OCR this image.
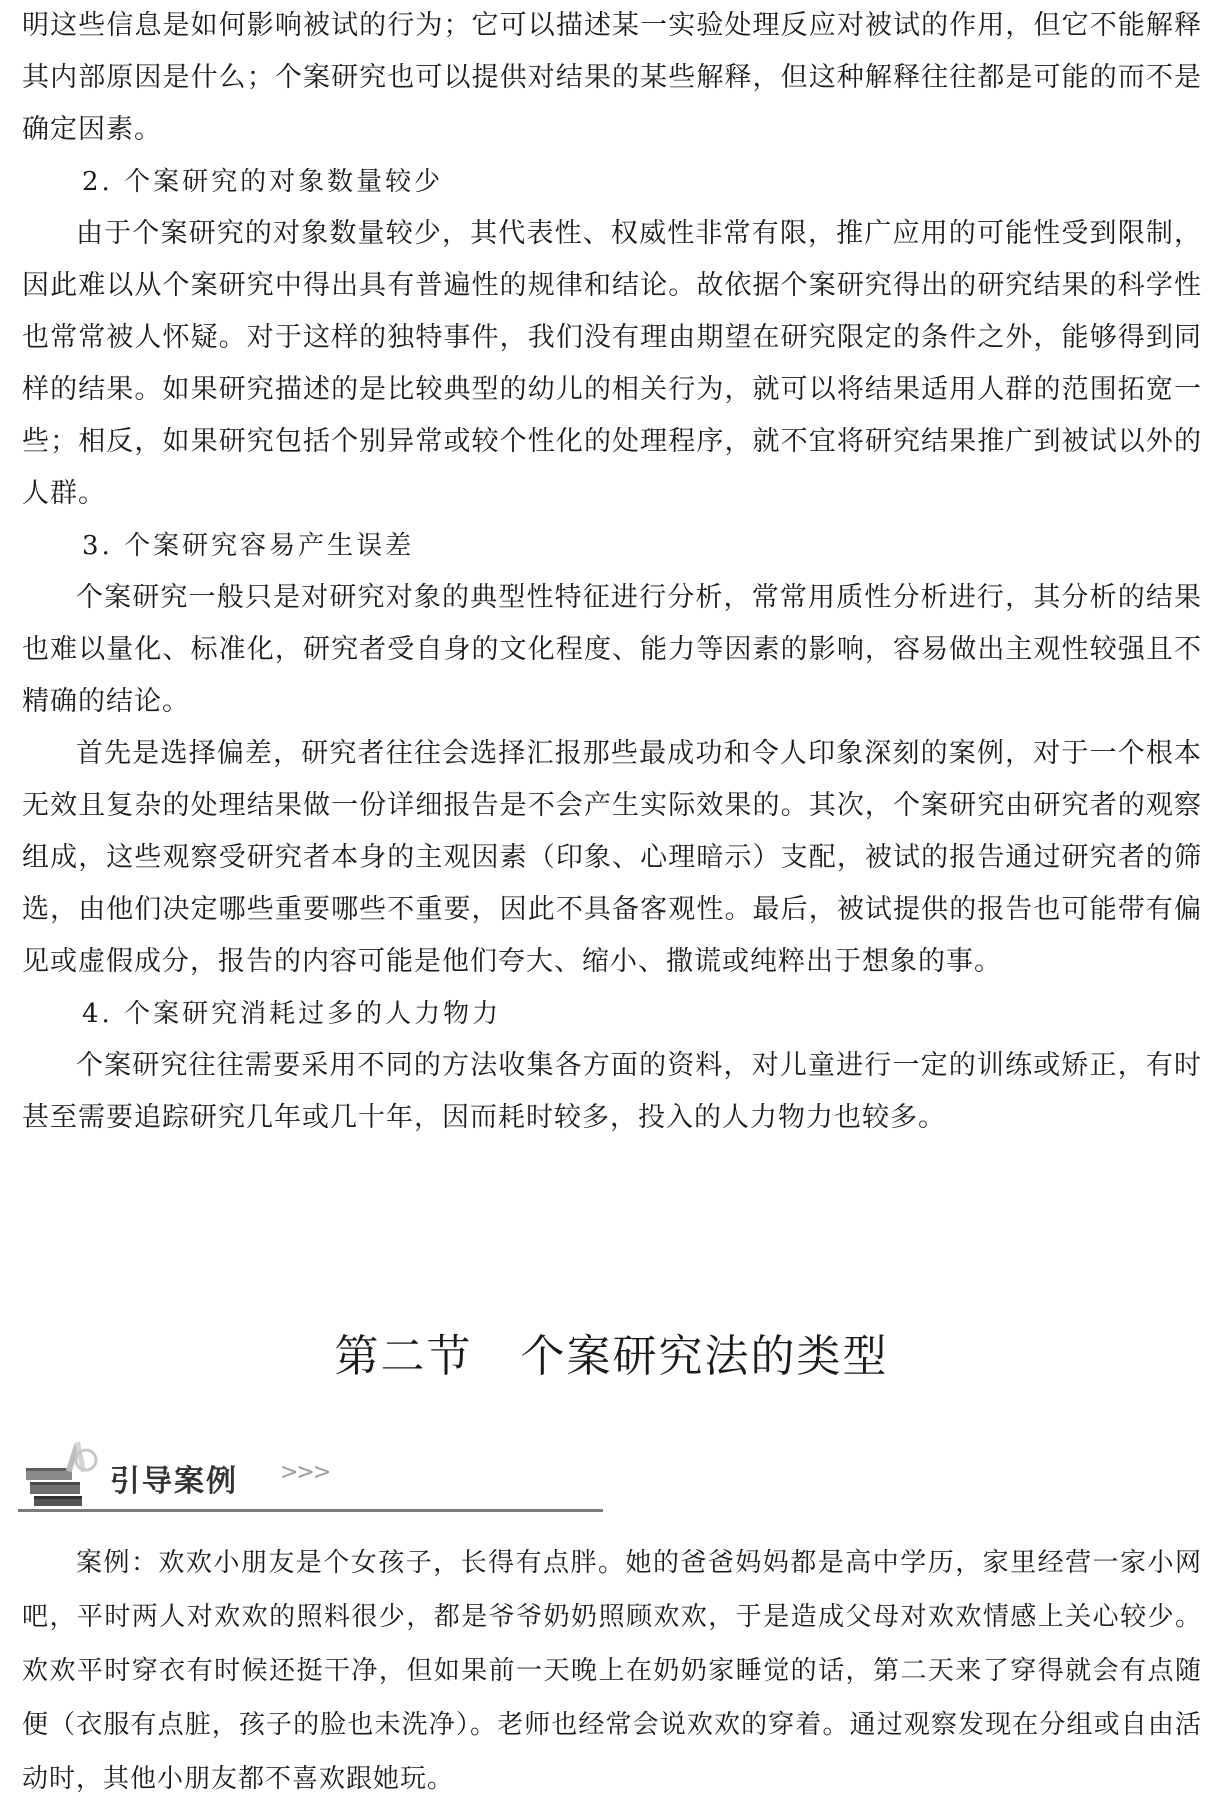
明这些信息是如何影响被试的行为；它可以描述某一实验处理反应对被试的作用，但它不能解释其内部原因是什么；个案研究也可以提供对结果的某些解释，但这种解释往往都是可能的而不是确定因素。

2. 个案研究的对象数量较少

由于个案研究的对象数量较少，其代表性、权威性非常有限，推广应用的可能性受到限制，因此难以从个案研究中得出具有普遍性的规律和结论。故依据个案研究得出的研究结果的科学性也常常被人怀疑。对于这样的独特事件，我们没有理由期望在研究限定的条件之外，能够得到同样的结果。如果研究描述的是比较典型的幼儿的相关行为，就可以将结果适用人群的范围拓宽一些；相反，如果研究包括个别异常或较个性化的处理程序，就不宜将研究结果推广到被试以外的人群。

3. 个案研究容易产生误差

个案研究一般只是对研究对象的典型性特征进行分析，常常用质性分析进行，其分析的结果也难以量化、标准化，研究者受自身的文化程度、能力等因素的影响，容易做出主观性较强且不精确的结论。

首先是选择偏差，研究者往往会选择汇报那些最成功和令人印象深刻的案例，对于一个根本无效且复杂的处理结果做一份详细报告是不会产生实际效果的。其次，个案研究由研究者的观察组成，这些观察受研究者本身的主观因素（印象、心理暗示）支配，被试的报告通过研究者的筛选，由他们决定哪些重要哪些不重要，因此不具备客观性。最后，被试提供的报告也可能带有偏见或虚假成分，报告的内容可能是他们夸大、缩小、撒谎或纯粹出于想象的事。

4. 个案研究消耗过多的人力物力

个案研究往往需要采用不同的方法收集各方面的资料，对儿童进行一定的训练或矫正，有时甚至需要追踪研究几年或几十年，因而耗时较多，投入的人力物力也较多。

第二节 个案研究法的类型
引导案例 >>>

案例：欢欢小朋友是个女孩子，长得有点胖。她的爸爸妈妈都是高中学历，家里经营一家小网吧，平时两人对欢欢的照料很少，都是爷爷奶奶照顾欢欢，于是造成父母对欢欢情感上关心较少。欢欢平时穿衣有时候还挺干净，但如果前一天晚上在奶奶家睡觉的话，第二天来了穿得就会有点随便（衣服有点脏，孩子的脸也未洗净）。老师也经常会说欢欢的穿着。通过观察发现在分组或自由活动时，其他小朋友都不喜欢跟她玩。
